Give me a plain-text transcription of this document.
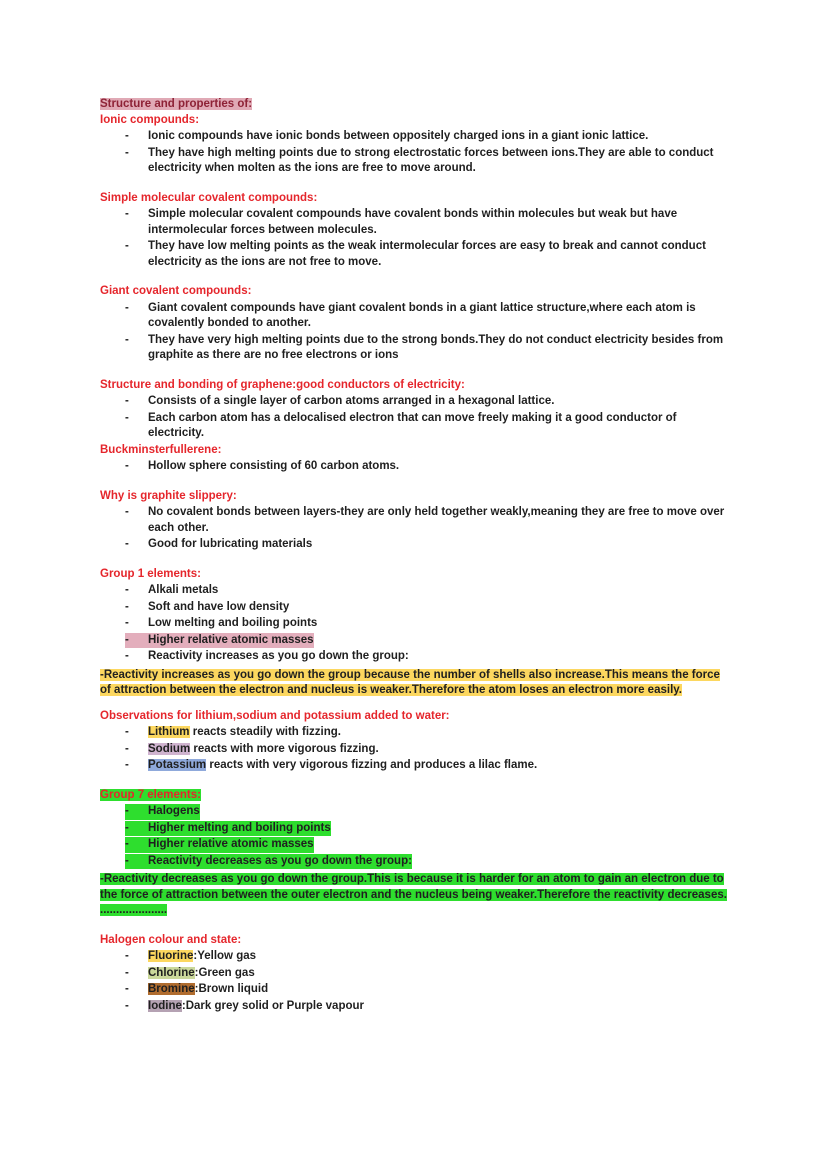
Structure and properties of:
Ionic compounds:
-	Ionic compounds have ionic bonds between oppositely charged ions in a giant ionic lattice.
-	They have high melting points due to strong electrostatic forces between ions.They are able to conduct electricity when molten as the ions are free to move around.
Simple molecular covalent compounds:
-	Simple molecular covalent compounds have covalent bonds within molecules but weak but have intermolecular forces between molecules.
-	They have low melting points as the weak intermolecular forces are easy to break and cannot conduct electricity as the ions are not free to move.
Giant covalent compounds:
-	Giant covalent compounds have giant covalent bonds in a giant lattice structure,where each atom is covalently bonded to another.
-	They have very high melting points due to the strong bonds.They do not conduct electricity besides from graphite as there are no free electrons or ions
Structure and bonding of graphene:good conductors of electricity:
-	Consists of a single layer of carbon atoms arranged in a hexagonal lattice.
-	Each carbon atom has a delocalised electron that can move freely making it a good conductor of electricity.
Buckminsterfullerene:
-	Hollow sphere consisting of 60 carbon atoms.
Why is graphite slippery:
-	No covalent bonds between layers-they are only held together weakly,meaning they are free to move over each other.
-	Good for lubricating materials
Group 1 elements:
-	Alkali metals
-	Soft and have low density
-	Low melting and boiling points
-	Higher relative atomic masses
-	Reactivity increases as you go down the group:

-Reactivity increases as you go down the group because the number of shells also increase.This means the force of attraction between the electron and nucleus is weaker.Therefore the atom loses an electron more easily.

Observations for lithium,sodium and potassium added to water:
-	Lithium reacts steadily with fizzing.
-	Sodium reacts with more vigorous fizzing.
-	Potassium reacts with very vigorous fizzing and produces a lilac flame.
Group 7 elements:
-	Halogens
-	Higher melting and boiling points
-	Higher relative atomic masses
-	Reactivity decreases as you go down the group:

-Reactivity decreases as you go down the group.This is because it is harder for an atom to gain an electron due to the force of attraction between the outer electron and the nucleus being weaker.Therefore the reactivity decreases. .....................

Halogen colour and state:
-	Fluorine:Yellow gas
-	Chlorine:Green gas
-	Bromine:Brown liquid
-	Iodine:Dark grey solid or Purple vapour
